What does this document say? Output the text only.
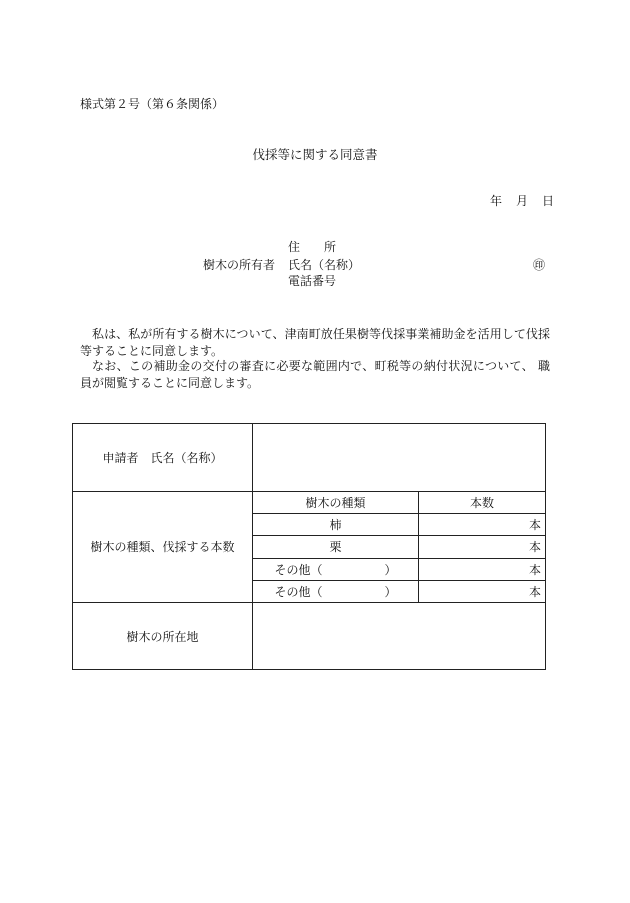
様式第２号（第６条関係）
伐採等に関する同意書
年 月 日
住　　所
樹木の所有者 氏名（名称）	㊞
電話番号
私は、私が所有する樹木について、津南町放任果樹等伐採事業補助金を活用して伐採等することに同意します。
なお、この補助金の交付の審査に必要な範囲内で、町税等の納付状況について、 職員が閲覧することに同意します。
申請者　氏名（名称）		
樹木の種類、伐採する本数	樹木の種類	本数
	柿	本
	栗	本
	その他（ ）	本
	その他（ ）	本
樹木の所在地		
